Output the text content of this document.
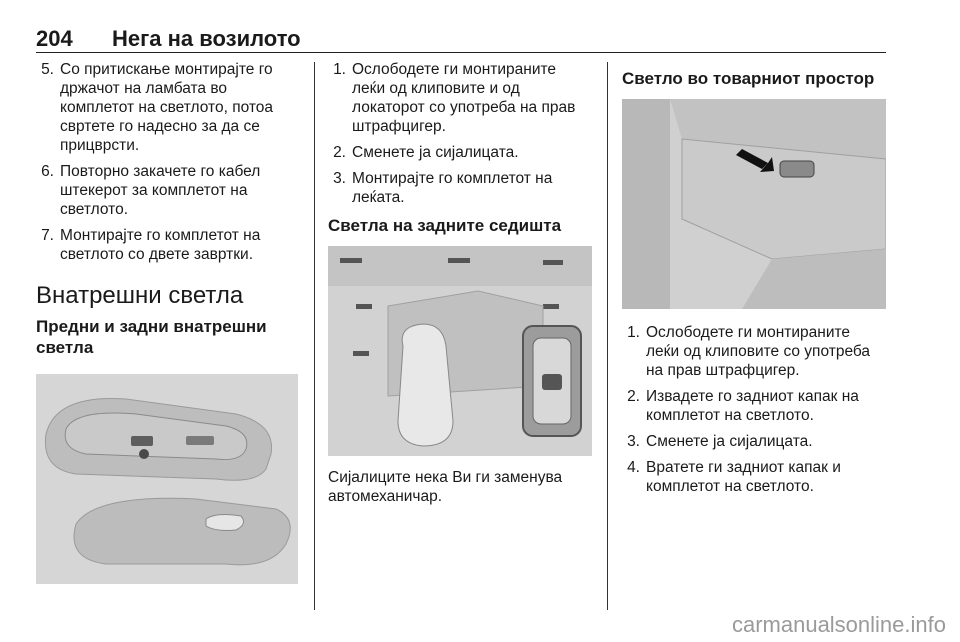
204 Нега на возилото
5. Со притискање монтирајте го
држачот на ламбата во
комплетот на светлото, потоа
свртете го надесно за да се
прицврсти.
6. Повторно закачете го кабел
штекерот за комплетот на
светлото.
7. Монтирајте го комплетот на
светлото со двете завртки.
Внатрешни светла
Предни и задни внатрешни
светла
1. Ослободете ги монтираните
леќи од клиповите и од
локаторот со употреба на прав
штрафцигер.
2. Сменете ја сијалицата.
3. Монтирајте го комплетот на
леќата.
Светла на задните седишта
Сијалиците нека Ви ги заменува
автомеханичар.
Светло во товарниот простор
1. Ослободете ги монтираните
леќи од клиповите со употреба
на прав штрафцигер.
2. Извадете го задниот капак на
комплетот на светлото.
3. Сменете ја сијалицата.
4. Вратете ги задниот капак и
комплетот на светлото.
carmanualsonline.info
